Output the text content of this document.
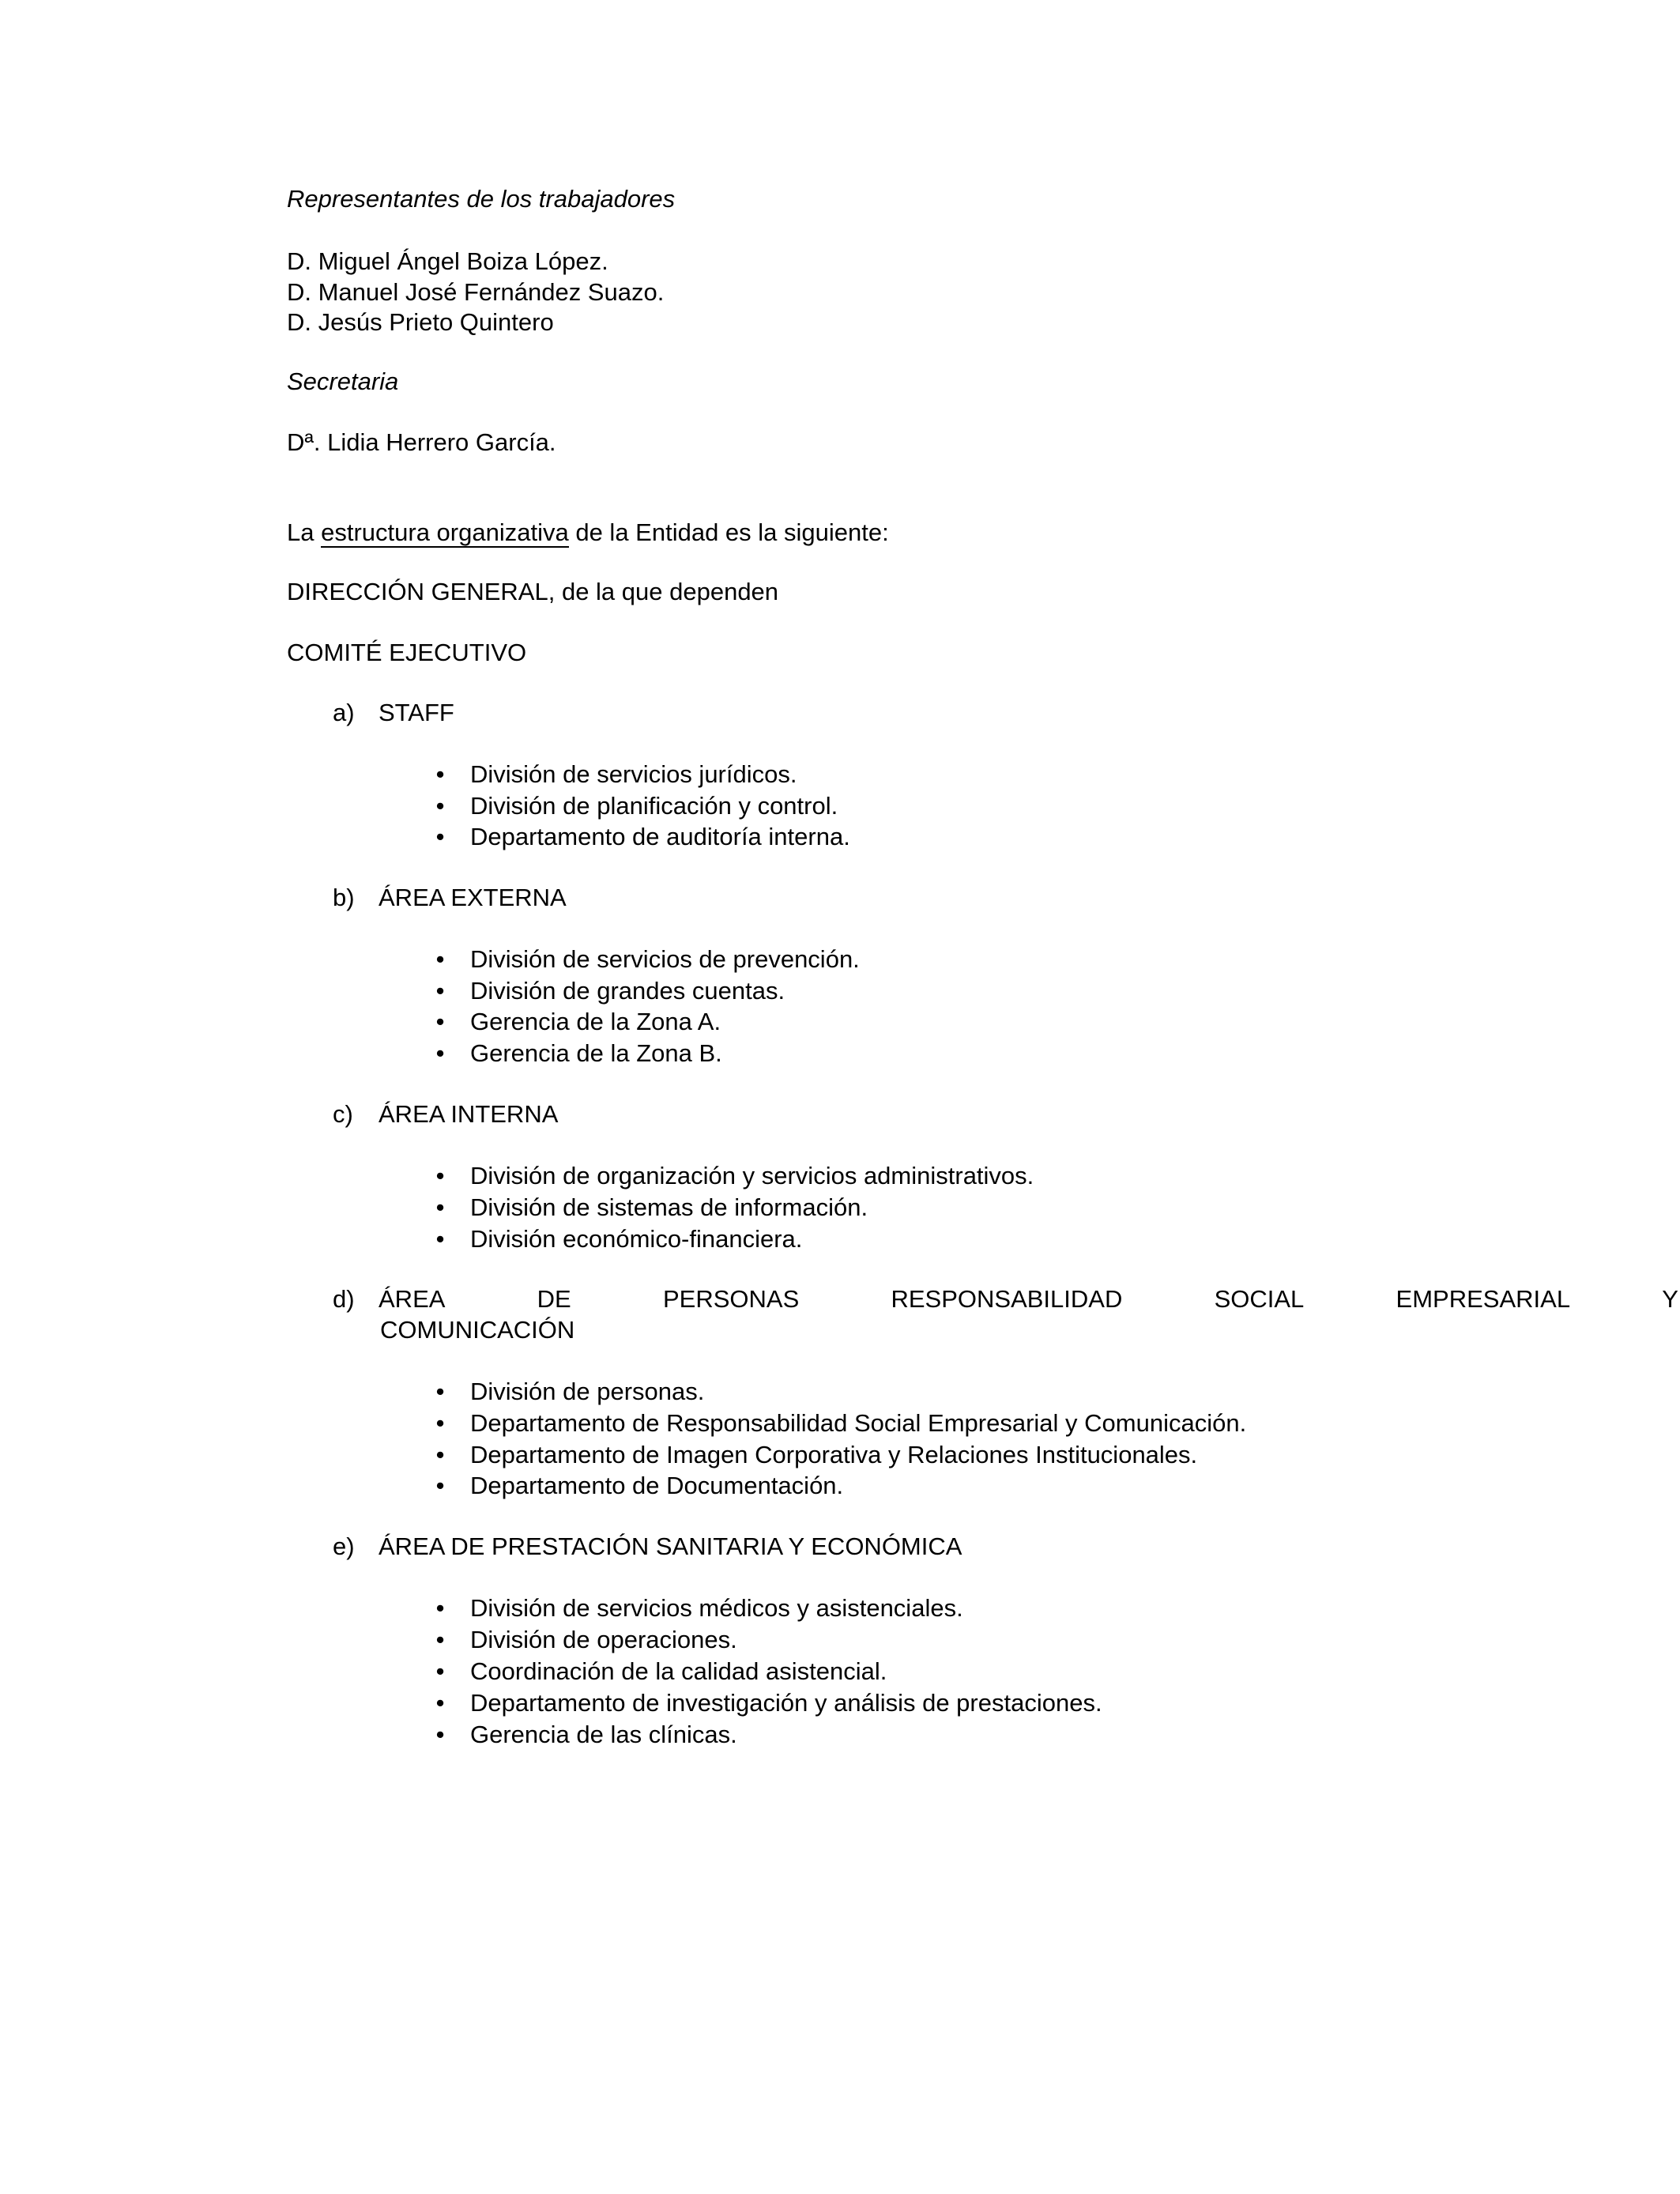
Representantes de los trabajadores
D. Miguel Ángel Boiza López.
D. Manuel José Fernández Suazo.
D. Jesús Prieto Quintero
Secretaria
Dª. Lidia Herrero García.
La estructura organizativa de la Entidad es la siguiente:
DIRECCIÓN GENERAL, de la que dependen
COMITÉ EJECUTIVO
a) STAFF
• División de servicios jurídicos.
• División de planificación y control.
• Departamento de auditoría interna.
b) ÁREA EXTERNA
• División de servicios de prevención.
• División de grandes cuentas.
• Gerencia de la Zona A.
• Gerencia de la Zona B.
c) ÁREA INTERNA
• División de organización y servicios administrativos.
• División de sistemas de información.
• División económico-financiera.
d) ÁREA	DE	PERSONAS	RESPONSABILIDAD	SOCIAL	EMPRESARIAL	Y
COMUNICACIÓN
• División de personas.
• Departamento de Responsabilidad Social Empresarial y Comunicación.
• Departamento de Imagen Corporativa y Relaciones Institucionales.
• Departamento de Documentación.
e) ÁREA DE PRESTACIÓN SANITARIA Y ECONÓMICA
• División de servicios médicos y asistenciales.
• División de operaciones.
• Coordinación de la calidad asistencial.
• Departamento de investigación y análisis de prestaciones.
• Gerencia de las clínicas.
